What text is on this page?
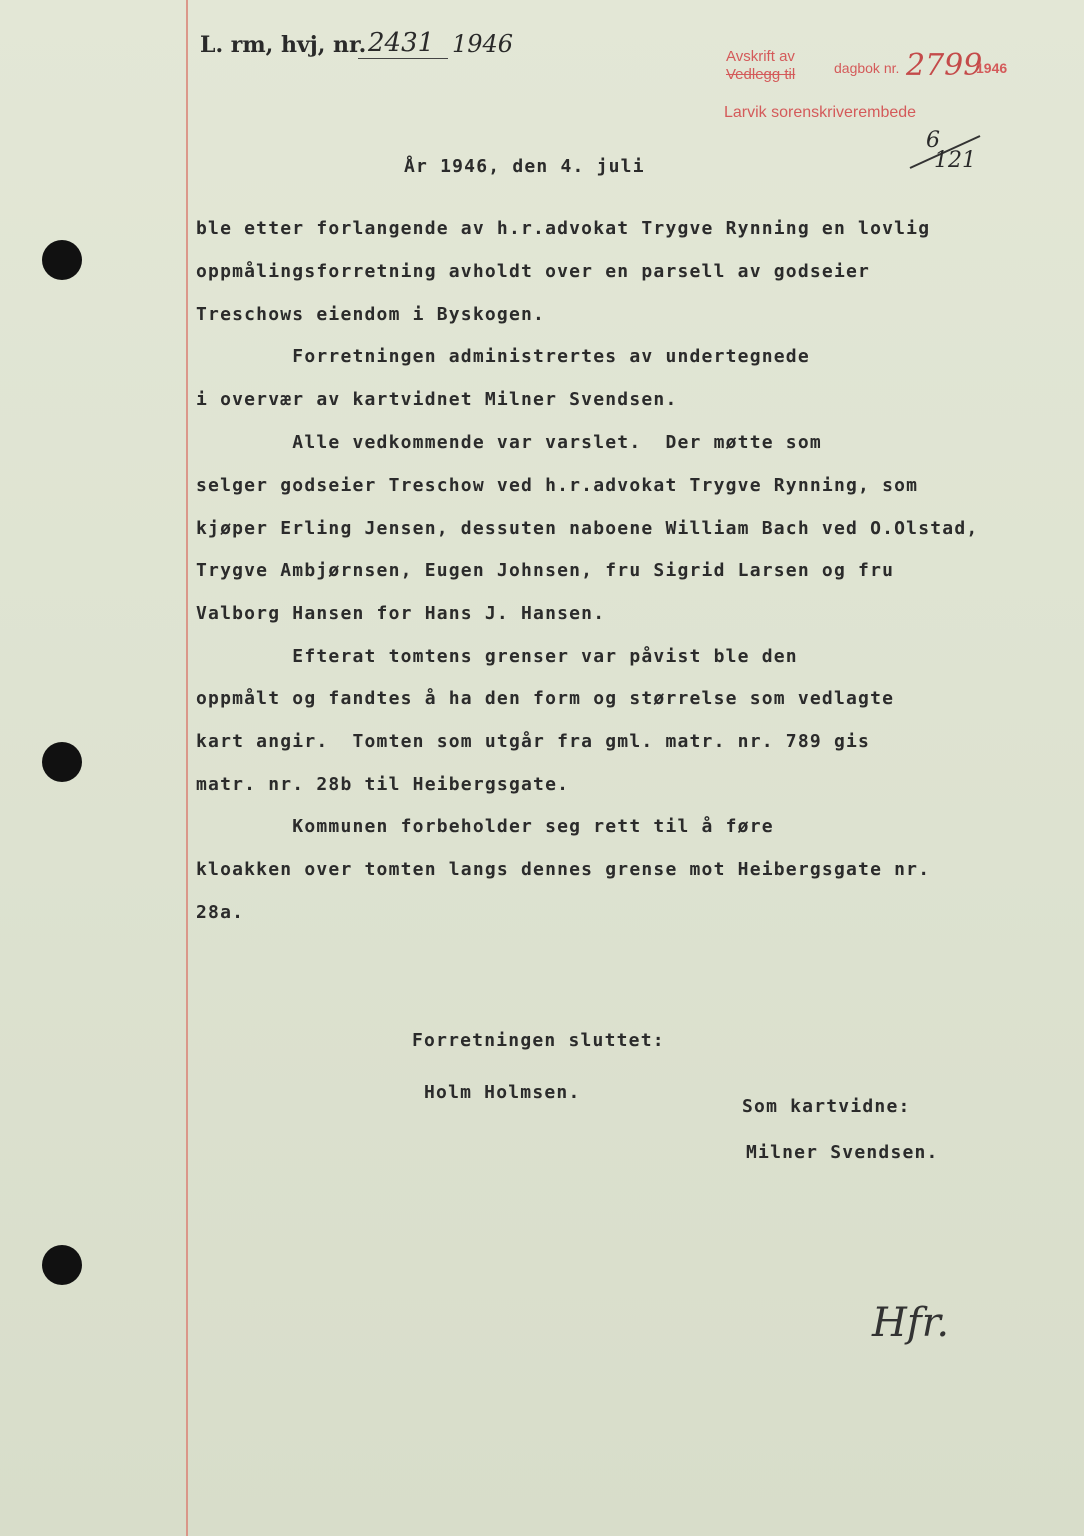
L. rm, hvj, nr. 2431 1946	Avskrift av
Vedlegg til	dagbok nr. 2799
1946
Larvik sorenskriverembede
6
121
År 1946, den 4. juli
ble etter forlangende av h.r.advokat Trygve Rynning en lovlig
oppmålingsforretning avholdt over en parsell av godseier
Treschows eiendom i Byskogen.
Forretningen administrertes av undertegnede
i overvær av kartvidnet Milner Svendsen.
Alle vedkommende var varslet.  Der møtte som
selger godseier Treschow ved h.r.advokat Trygve Rynning, som
kjøper Erling Jensen, dessuten naboene William Bach ved O.Olstad,
Trygve Ambjørnsen, Eugen Johnsen, fru Sigrid Larsen og fru
Valborg Hansen for Hans J. Hansen.
Efterat tomtens grenser var påvist ble den
oppmålt og fandtes å ha den form og størrelse som vedlagte
kart angir.  Tomten som utgår fra gml. matr. nr. 789 gis
matr. nr. 28b til Heibergsgate.
Kommunen forbeholder seg rett til å føre
kloakken over tomten langs dennes grense mot Heibergsgate nr.
28a.
Forretningen sluttet:
Holm Holmsen.
Som kartvidne:
Milner Svendsen.
Hfr.
